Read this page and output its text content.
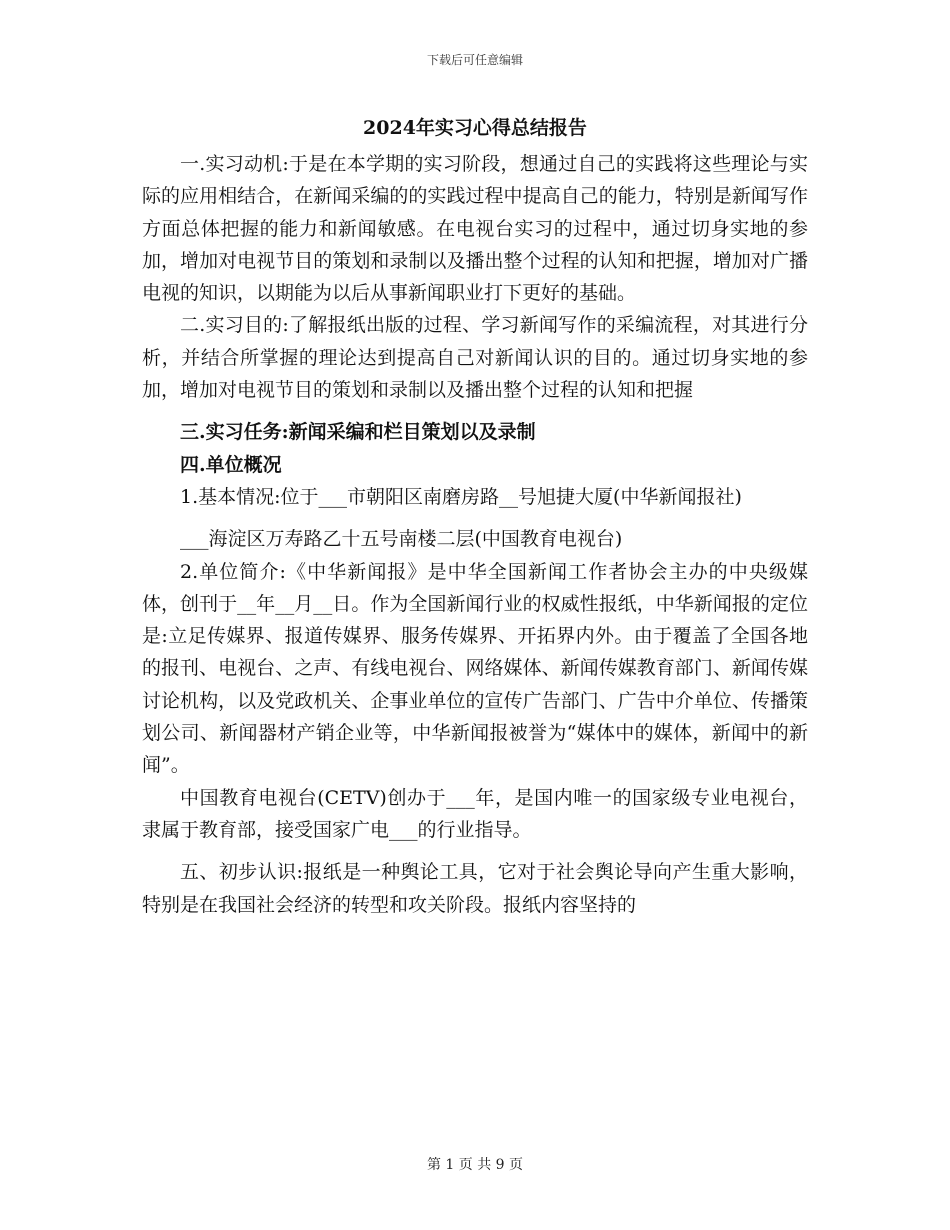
下载后可任意编辑
2024年实习心得总结报告

一.实习动机:于是在本学期的实习阶段，想通过自己的实践将这些理论与实际的应用相结合，在新闻采编的的实践过程中提高自己的能力，特别是新闻写作方面总体把握的能力和新闻敏感。在电视台实习的过程中，通过切身实地的参加，增加对电视节目的策划和录制以及播出整个过程的认知和把握，增加对广播电视的知识，以期能为以后从事新闻职业打下更好的基础。

二.实习目的:了解报纸出版的过程、学习新闻写作的采编流程，对其进行分析，并结合所掌握的理论达到提高自己对新闻认识的目的。通过切身实地的参加，增加对电视节目的策划和录制以及播出整个过程的认知和把握

三.实习任务:新闻采编和栏目策划以及录制

四.单位概况

1.基本情况:位于___市朝阳区南磨房路__号旭捷大厦(中华新闻报社)

___海淀区万寿路乙十五号南楼二层(中国教育电视台)

2.单位简介:《中华新闻报》是中华全国新闻工作者协会主办的中央级媒体，创刊于__年__月__日。作为全国新闻行业的权威性报纸，中华新闻报的定位是:立足传媒界、报道传媒界、服务传媒界、开拓界内外。由于覆盖了全国各地的报刊、电视台、之声、有线电视台、网络媒体、新闻传媒教育部门、新闻传媒讨论机构，以及党政机关、企事业单位的宣传广告部门、广告中介单位、传播策划公司、新闻器材产销企业等，中华新闻报被誉为“媒体中的媒体，新闻中的新闻”。

中国教育电视台(CETV)创办于___年，是国内唯一的国家级专业电视台，隶属于教育部，接受国家广电___的行业指导。

五、初步认识:报纸是一种舆论工具，它对于社会舆论导向产生重大影响，特别是在我国社会经济的转型和攻关阶段。报纸内容坚持的

第 1 页 共 9 页
